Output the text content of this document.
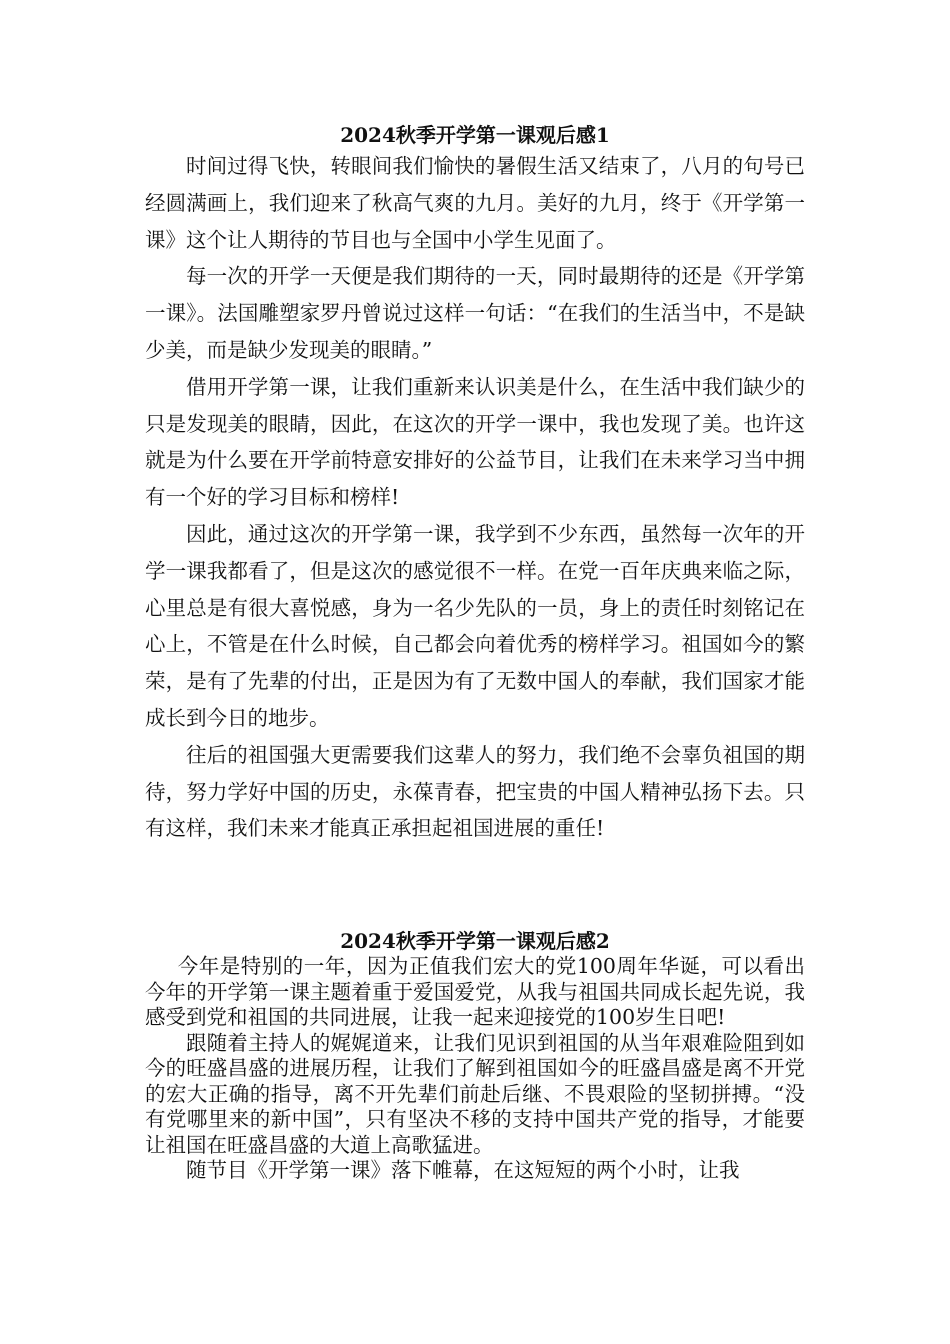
2024秋季开学第一课观后感1

时间过得飞快，转眼间我们愉快的暑假生活又结束了，八月的句号已经圆满画上，我们迎来了秋高气爽的九月。美好的九月，终于《开学第一课》这个让人期待的节目也与全国中小学生见面了。

每一次的开学一天便是我们期待的一天，同时最期待的还是《开学第一课》。法国雕塑家罗丹曾说过这样一句话：“在我们的生活当中，不是缺少美，而是缺少发现美的眼睛。”

借用开学第一课，让我们重新来认识美是什么，在生活中我们缺少的只是发现美的眼睛，因此，在这次的开学一课中，我也发现了美。也许这就是为什么要在开学前特意安排好的公益节目，让我们在未来学习当中拥有一个好的学习目标和榜样!

因此，通过这次的开学第一课，我学到不少东西，虽然每一次年的开学一课我都看了，但是这次的感觉很不一样。在党一百年庆典来临之际，心里总是有很大喜悦感，身为一名少先队的一员，身上的责任时刻铭记在心上，不管是在什么时候，自己都会向着优秀的榜样学习。祖国如今的繁荣，是有了先辈的付出，正是因为有了无数中国人的奉献，我们国家才能成长到今日的地步。

往后的祖国强大更需要我们这辈人的努力，我们绝不会辜负祖国的期待，努力学好中国的历史，永葆青春，把宝贵的中国人精神弘扬下去。只有这样，我们未来才能真正承担起祖国进展的重任!

2024秋季开学第一课观后感2

今年是特别的一年，因为正值我们宏大的党100周年华诞，可以看出今年的开学第一课主题着重于爱国爱党，从我与祖国共同成长起先说，我感受到党和祖国的共同进展，让我一起来迎接党的100岁生日吧!

跟随着主持人的娓娓道来，让我们见识到祖国的从当年艰难险阻到如今的旺盛昌盛的进展历程，让我们了解到祖国如今的旺盛昌盛是离不开党的宏大正确的指导，离不开先辈们前赴后继、不畏艰险的坚韧拼搏。“没有党哪里来的新中国”，只有坚决不移的支持中国共产党的指导，才能要让祖国在旺盛昌盛的大道上高歌猛进。

随节目《开学第一课》落下帷幕，在这短短的两个小时，让我
